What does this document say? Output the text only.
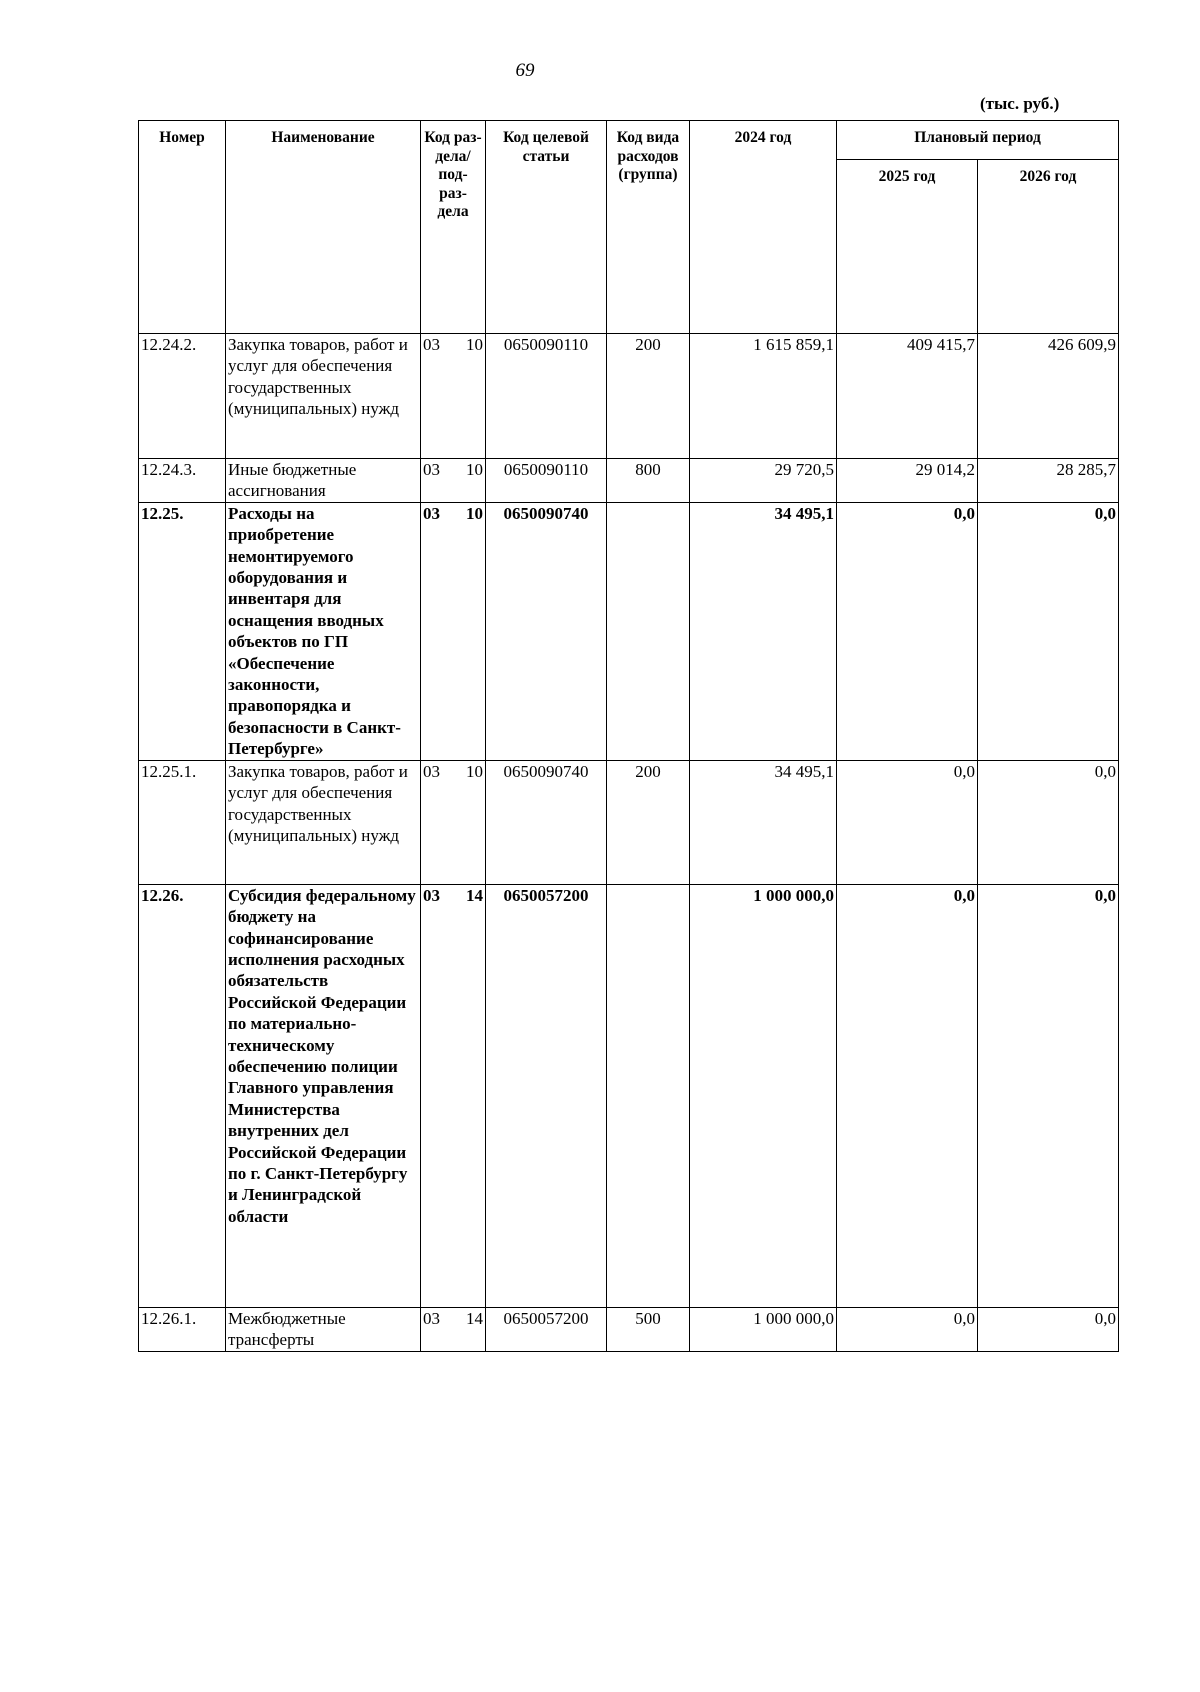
69
(тыс. руб.)
Номер	Наименование	Код раз- дела/ под- раз- дела	Код целевой статьи	Код вида расходов (группа)	2024 год	Плановый период	
						2025 год	2026 год
12.24.2.	Закупка товаров, работ и услуг для обеспечения государственных (муниципальных) нужд	03 10	0650090110	200	1 615 859,1	409 415,7	426 609,9
12.24.3.	Иные бюджетные ассигнования	03 10	0650090110	800	29 720,5	29 014,2	28 285,7
12.25.	Расходы на приобретение немонтируемого оборудования и инвентаря для оснащения вводных объектов по ГП «Обеспечение законности, правопорядка и безопасности в Санкт-Петербурге»	03 10	0650090740		34 495,1	0,0	0,0
12.25.1.	Закупка товаров, работ и услуг для обеспечения государственных (муниципальных) нужд	03 10	0650090740	200	34 495,1	0,0	0,0
12.26.	Субсидия федеральному бюджету на софинансирование исполнения расходных обязательств Российской Федерации по материально-техническому обеспечению полиции Главного управления Министерства внутренних дел Российской Федерации по г. Санкт-Петербургу и Ленинградской области	03 14	0650057200		1 000 000,0	0,0	0,0
12.26.1.	Межбюджетные трансферты	03 14	0650057200	500	1 000 000,0	0,0	0,0
